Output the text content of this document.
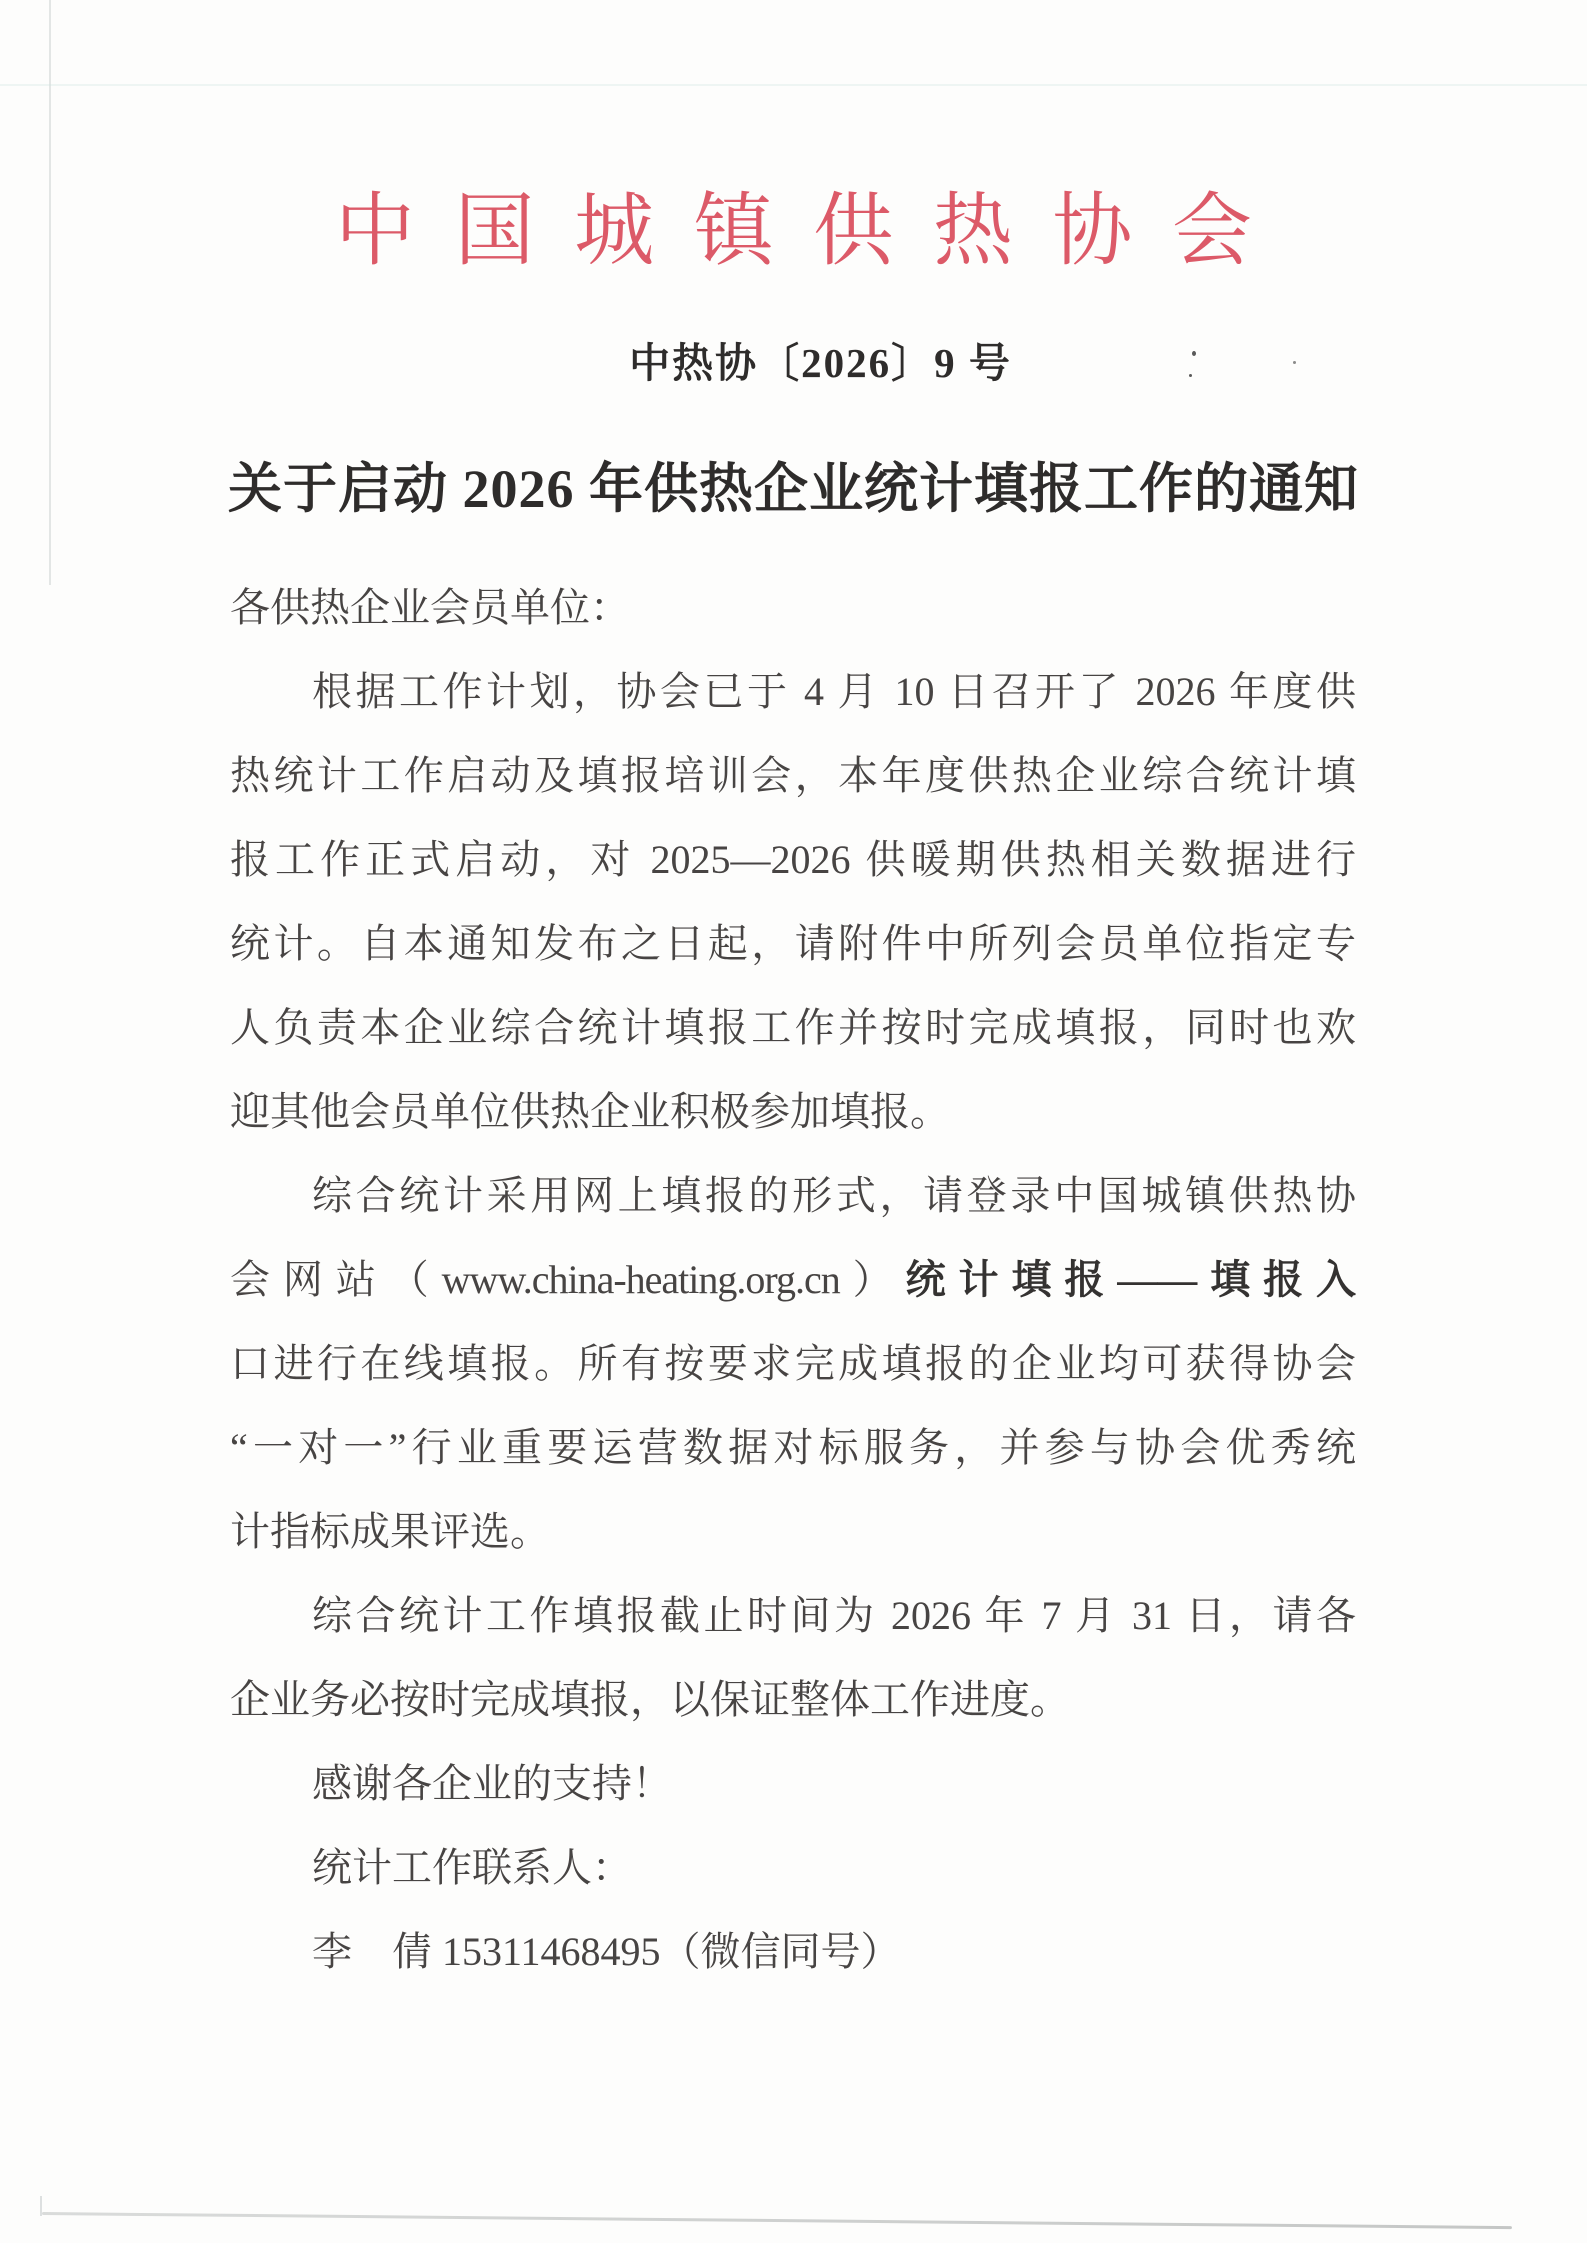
中 国 城 镇 供 热 协 会
中热协〔2026〕9 号
关于启动 2026 年供热企业统计填报工作的通知
各供热企业会员单位：
根据工作计划，协会已于 4 月 10 日召开了 2026 年度供
热统计工作启动及填报培训会，本年度供热企业综合统计填
报工作正式启动，对 2025—2026 供暖期供热相关数据进行
统计。自本通知发布之日起，请附件中所列会员单位指定专
人负责本企业综合统计填报工作并按时完成填报，同时也欢
迎其他会员单位供热企业积极参加填报。
综合统计采用网上填报的形式，请登录中国城镇供热协
会网站（www.china-heating.org.cn）统计填报——填报入
口进行在线填报。所有按要求完成填报的企业均可获得协会
“一对一”行业重要运营数据对标服务，并参与协会优秀统
计指标成果评选。
综合统计工作填报截止时间为 2026 年 7 月 31 日，请各
企业务必按时完成填报，以保证整体工作进度。
感谢各企业的支持！
统计工作联系人：
李　倩 15311468495（微信同号）
